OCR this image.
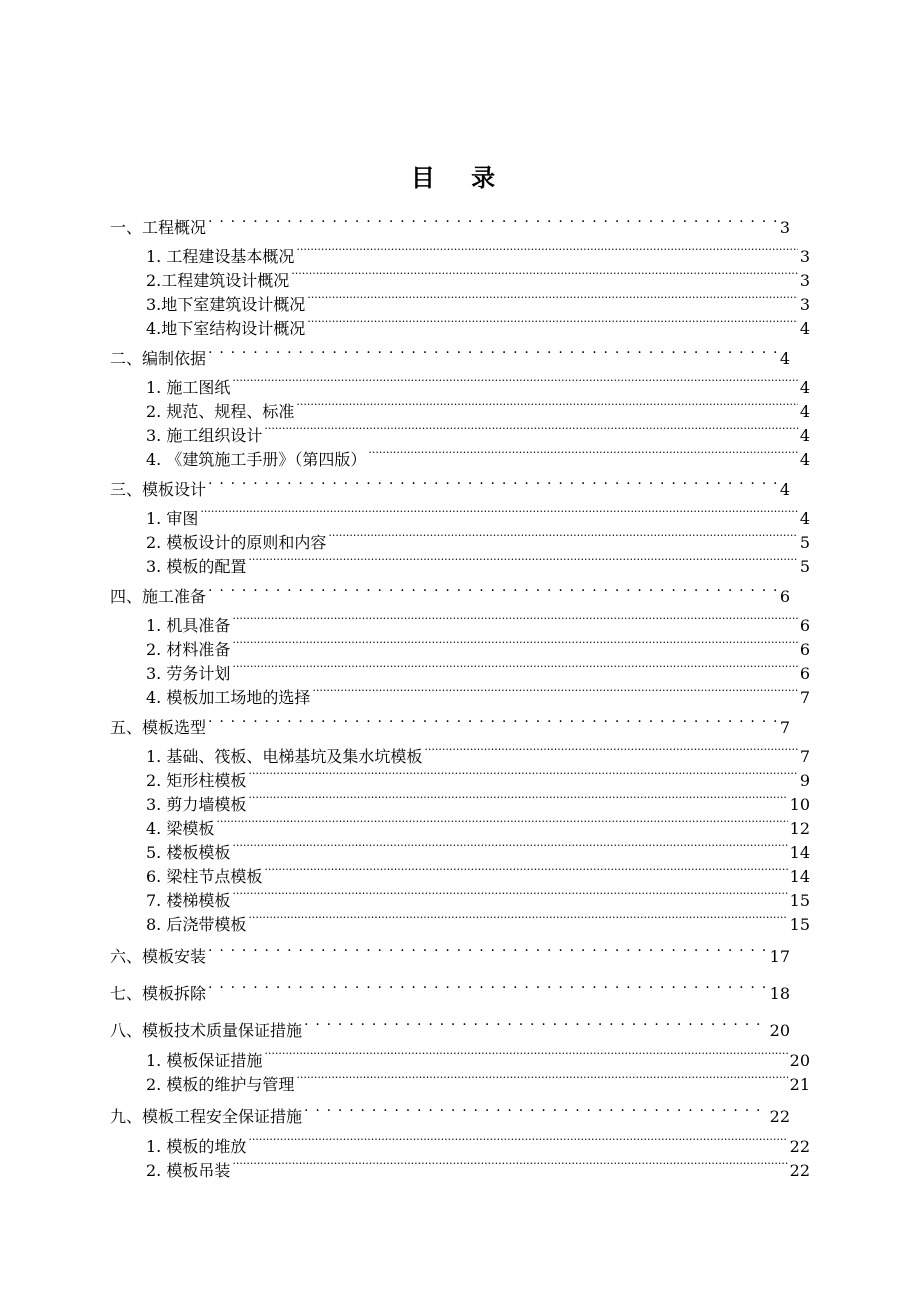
目 录
一、工程概况 . . .	3
1. 工程建设基本概况 .....	3
2.工程建筑设计概况 .....	3
3.地下室建筑设计概况 .....	3
4.地下室结构设计概况 .....	4
二、编制依据 . . .	4
1. 施工图纸 .....	4
2. 规范、规程、标准 .....	4
3. 施工组织设计 .....	4
4. 《建筑施工手册》（第四版） .....	4
三、模板设计 . . .	4
1. 审图 .....	4
2. 模板设计的原则和内容 .....	5
3. 模板的配置 .....	5
四、施工准备 . . .	6
1. 机具准备 .....	6
2. 材料准备 .....	6
3. 劳务计划 .....	6
4. 模板加工场地的选择 .....	7
五、模板选型 . . .	7
1. 基础、筏板、电梯基坑及集水坑模板 .....	7
2. 矩形柱模板 .....	9
3. 剪力墙模板 .....	10
4. 梁模板 .....	12
5. 楼板模板 .....	14
6. 梁柱节点模板 .....	14
7. 楼梯模板 .....	15
8. 后浇带模板 .....	15
六、模板安装 . . .	17
七、模板拆除 . . .	18
八、模板技术质量保证措施 . . .	20
1. 模板保证措施 .....	20
2. 模板的维护与管理 .....	21
九、模板工程安全保证措施 . . .	22
1. 模板的堆放 .....	22
2. 模板吊装 .....	22
